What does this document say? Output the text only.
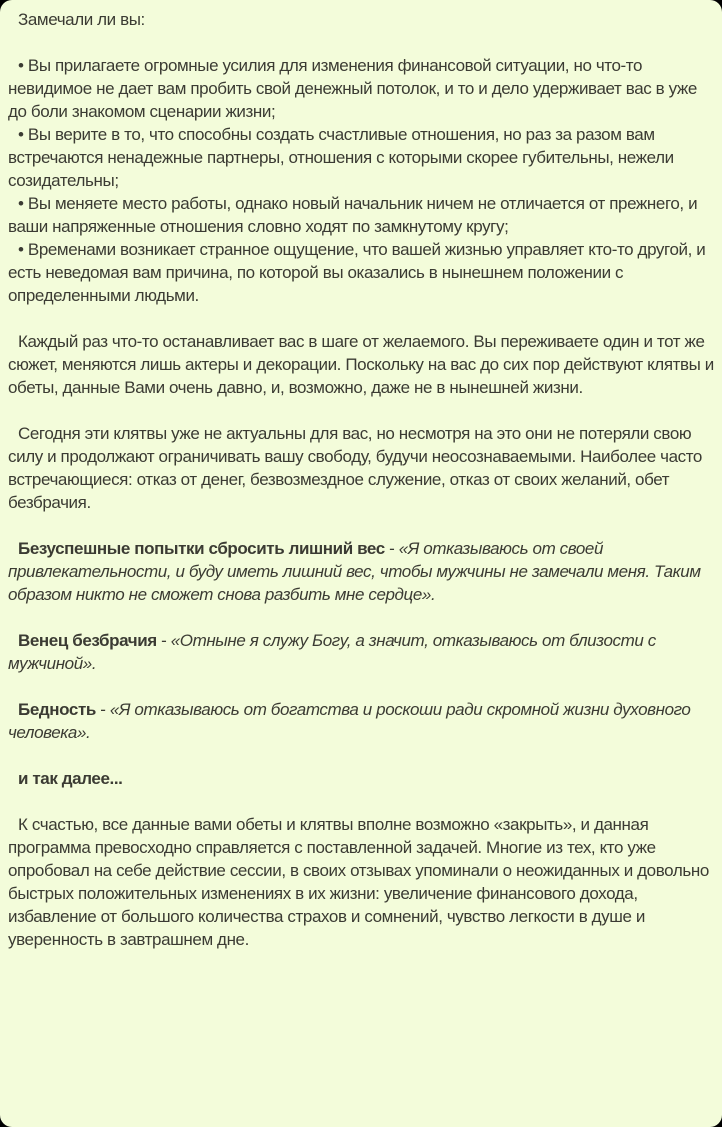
Замечали ли вы:

• Вы прилагаете огромные усилия для изменения финансовой ситуации, но что-то невидимое не дает вам пробить свой денежный потолок, и то и дело удерживает вас в уже до боли знакомом сценарии жизни;
• Вы верите в то, что способны создать счастливые отношения, но раз за разом вам встречаются ненадежные партнеры, отношения с которыми скорее губительны, нежели созидательны;
• Вы меняете место работы, однако новый начальник ничем не отличается от прежнего, и ваши напряженные отношения словно ходят по замкнутому кругу;
• Временами возникает странное ощущение, что вашей жизнью управляет кто-то другой, и есть неведомая вам причина, по которой вы оказались в нынешнем положении с определенными людьми.

Каждый раз что-то останавливает вас в шаге от желаемого. Вы переживаете один и тот же сюжет, меняются лишь актеры и декорации. Поскольку на вас до сих пор действуют клятвы и обеты, данные Вами очень давно, и, возможно, даже не в нынешней жизни.

Сегодня эти клятвы уже не актуальны для вас, но несмотря на это они не потеряли свою силу и продолжают ограничивать вашу свободу, будучи неосознаваемыми. Наиболее часто встречающиеся: отказ от денег, безвозмездное служение, отказ от своих желаний, обет безбрачия.

Безуспешные попытки сбросить лишний вес - «Я отказываюсь от своей привлекательности, и буду иметь лишний вес, чтобы мужчины не замечали меня. Таким образом никто не сможет снова разбить мне сердце».

Венец безбрачия - «Отныне я служу Богу, а значит, отказываюсь от близости с мужчиной».

Бедность - «Я отказываюсь от богатства и роскоши ради скромной жизни духовного человека».

и так далее...

К счастью, все данные вами обеты и клятвы вполне возможно «закрыть», и данная программа превосходно справляется с поставленной задачей. Многие из тех, кто уже опробовал на себе действие сессии, в своих отзывах упоминали о неожиданных и довольно быстрых положительных изменениях в их жизни: увеличение финансового дохода, избавление от большого количества страхов и сомнений, чувство легкости в душе и уверенность в завтрашнем дне.
